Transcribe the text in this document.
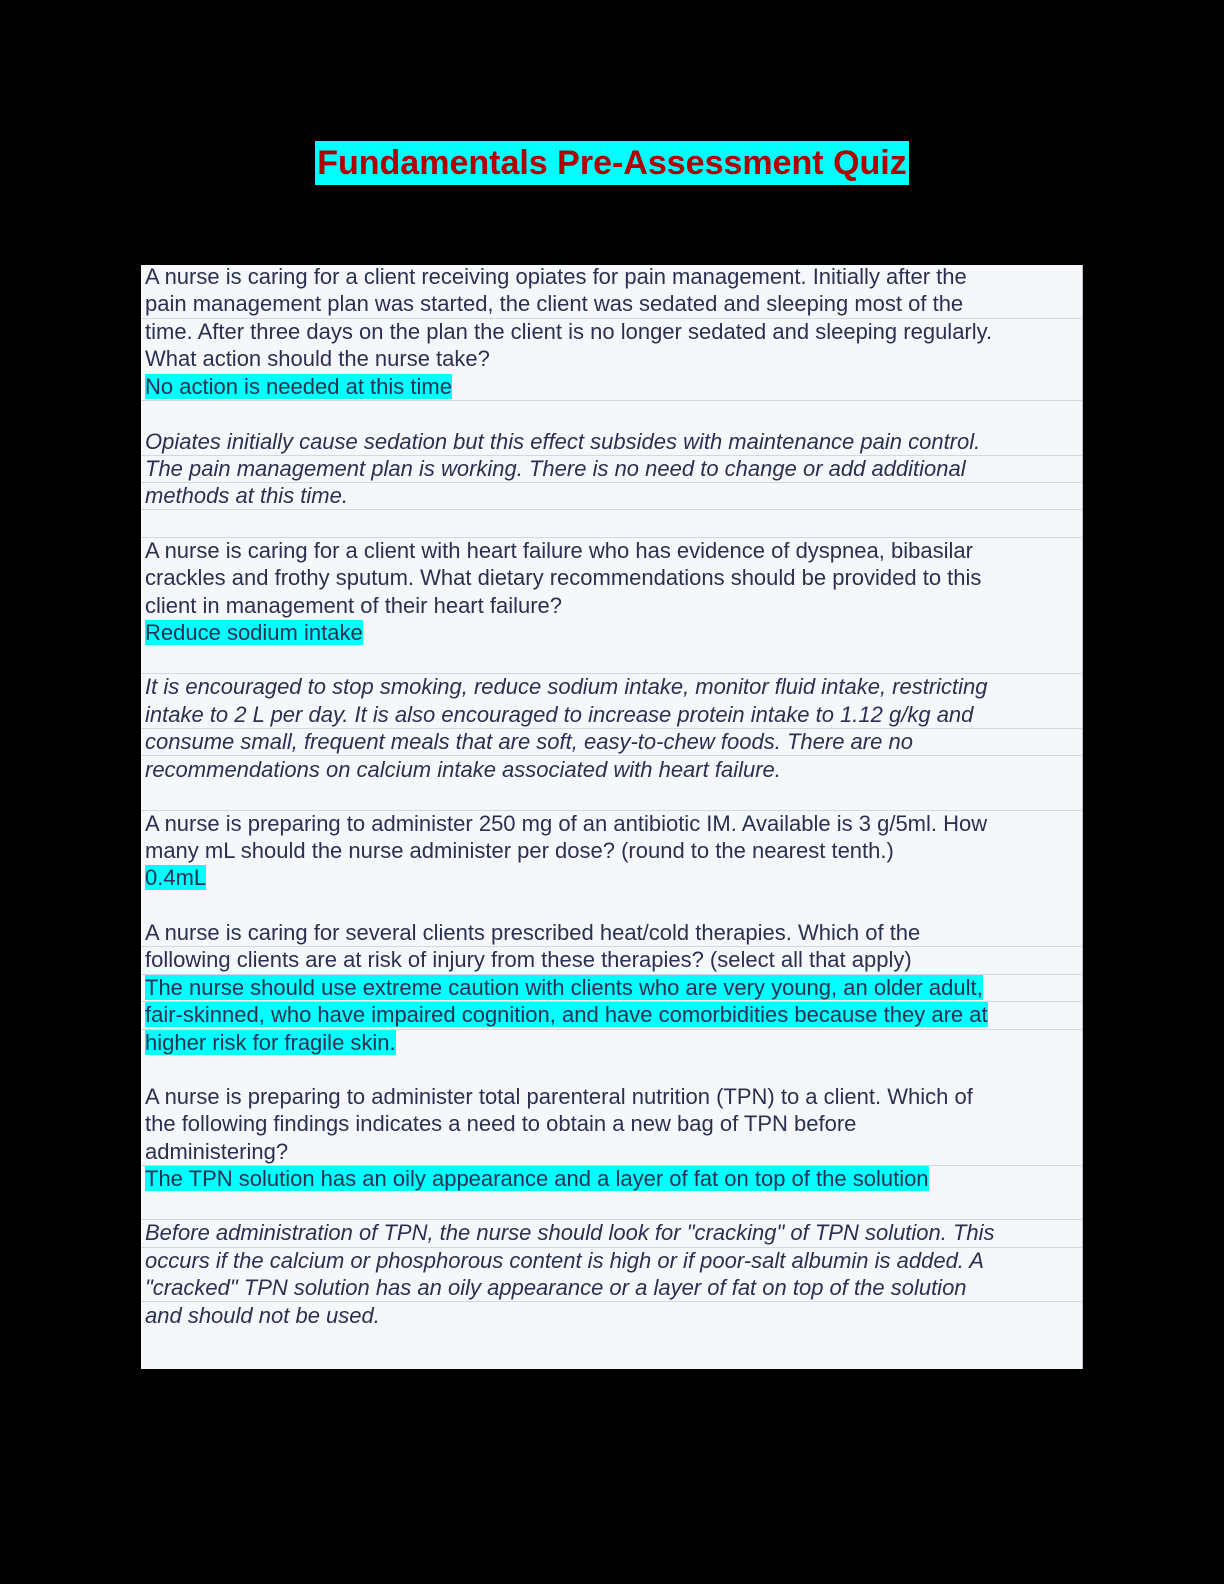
Fundamentals Pre-Assessment Quiz
A nurse is caring for a client receiving opiates for pain management. Initially after the
pain management plan was started, the client was sedated and sleeping most of the
time. After three days on the plan the client is no longer sedated and sleeping regularly.
What action should the nurse take?
No action is needed at this time
Opiates initially cause sedation but this effect subsides with maintenance pain control.
The pain management plan is working. There is no need to change or add additional
methods at this time.
A nurse is caring for a client with heart failure who has evidence of dyspnea, bibasilar
crackles and frothy sputum. What dietary recommendations should be provided to this
client in management of their heart failure?
Reduce sodium intake
It is encouraged to stop smoking, reduce sodium intake, monitor fluid intake, restricting
intake to 2 L per day. It is also encouraged to increase protein intake to 1.12 g/kg and
consume small, frequent meals that are soft, easy-to-chew foods. There are no
recommendations on calcium intake associated with heart failure.
A nurse is preparing to administer 250 mg of an antibiotic IM. Available is 3 g/5ml. How
many mL should the nurse administer per dose? (round to the nearest tenth.)
0.4mL
A nurse is caring for several clients prescribed heat/cold therapies. Which of the
following clients are at risk of injury from these therapies? (select all that apply)
The nurse should use extreme caution with clients who are very young, an older adult,
fair-skinned, who have impaired cognition, and have comorbidities because they are at
higher risk for fragile skin.
A nurse is preparing to administer total parenteral nutrition (TPN) to a client. Which of
the following findings indicates a need to obtain a new bag of TPN before
administering?
The TPN solution has an oily appearance and a layer of fat on top of the solution
Before administration of TPN, the nurse should look for "cracking" of TPN solution. This
occurs if the calcium or phosphorous content is high or if poor-salt albumin is added. A
"cracked" TPN solution has an oily appearance or a layer of fat on top of the solution
and should not be used.
